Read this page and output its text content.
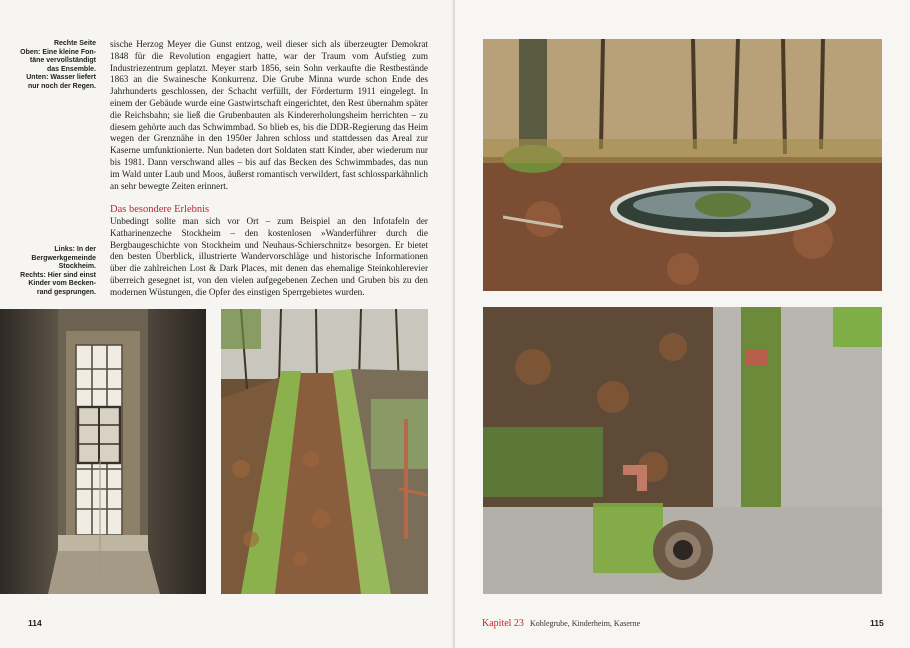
Rechte Seite
Oben: Eine kleine Fon-
täne vervollständigt
das Ensemble.
Unten: Wasser liefert
nur noch der Regen.
Links: In der
Bergwerkgemeinde
Stockheim.
Rechts: Hier sind einst
Kinder vom Becken-
rand gesprungen.

sische Herzog Meyer die Gunst entzog, weil dieser sich als überzeugter Demokrat 1848 für die Revolution engagiert hatte, war der Traum vom Aufstieg zum Industriezentrum geplatzt. Meyer starb 1856, sein Sohn verkaufte die Restbestände 1863 an die Swainesche Konkurrenz. Die Grube Minna wurde schon Ende des Jahrhunderts geschlossen, der Schacht verfüllt, der Förderturm 1911 eingelegt. In einem der Gebäude wurde eine Gastwirtschaft eingerichtet, den Rest übernahm später die Reichsbahn; sie ließ die Grubenbauten als Kindererholungsheim herrichten – zu diesem gehörte auch das Schwimmbad. So blieb es, bis die DDR-Regierung das Heim wegen der Grenznähe in den 1950er Jahren schloss und stattdessen das Areal zur Kaserne umfunktionierte. Nun badeten dort Soldaten statt Kinder, aber wiederum nur bis 1981. Dann verschwand alles – bis auf das Becken des Schwimmbades, das nun im Wald unter Laub und Moos, äußerst romantisch verwildert, fast schlossparkähnlich an sehr bewegte Zeiten erinnert.

Das besondere Erlebnis

Unbedingt sollte man sich vor Ort – zum Beispiel an den Infotafeln der Katharinenzeche Stockheim – den kostenlosen »Wanderführer durch die Bergbaugeschichte von Stockheim und Neuhaus-Schierschnitz« besorgen. Er bietet den besten Überblick, illustrierte Wandervorschläge und historische Informationen über die zahlreichen Lost & Dark Places, mit denen das ehemalige Steinkohlerevier überreich gesegnet ist, von den vielen aufgegebenen Zechen und Gruben bis zu den modernen Wüstungen, die Opfer des einstigen Sperrgebietes wurden.

114	Kapitel 23 Kohlegrube, Kinderheim, Kaserne	115
